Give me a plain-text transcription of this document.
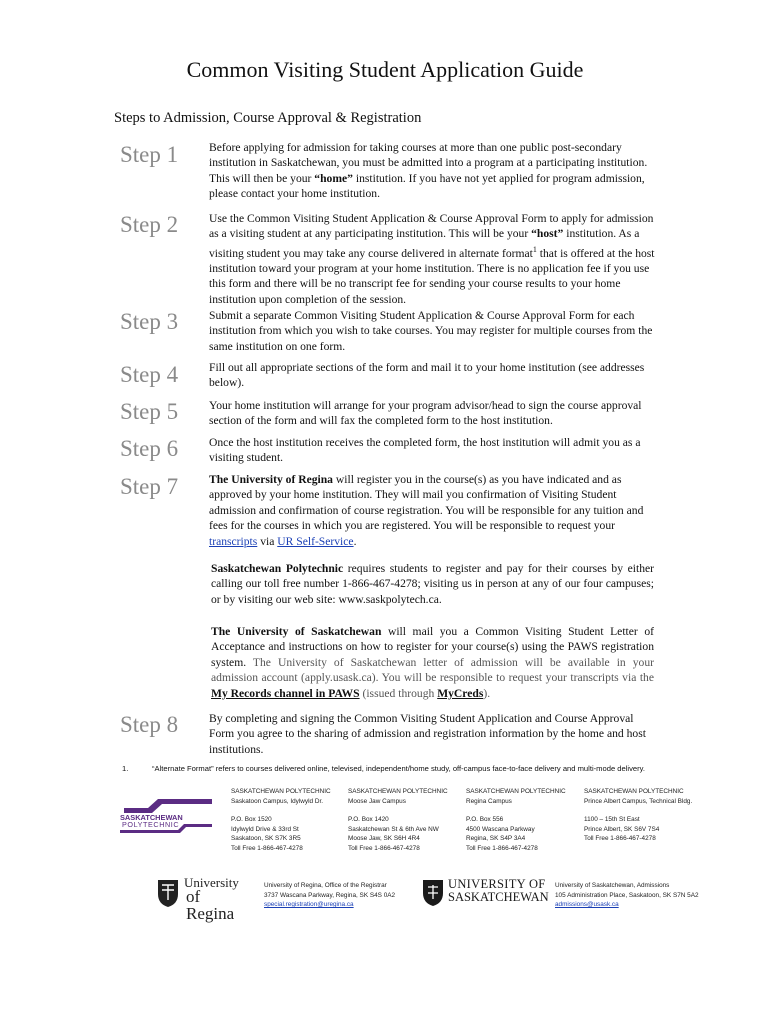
Common Visiting Student Application Guide
Steps to Admission, Course Approval & Registration
Step 1	Before applying for admission for taking courses at more than one public post-secondary institution in Saskatchewan, you must be admitted into a program at a participating institution. This will then be your “home” institution. If you have not yet applied for program admission, please contact your home institution.
Step 2	Use the Common Visiting Student Application & Course Approval Form to apply for admission as a visiting student at any participating institution. This will be your “host” institution. As a visiting student you may take any course delivered in alternate format$^1$ that is offered at the host institution toward your program at your home institution. There is no application fee if you use this form and there will be no transcript fee for sending your course results to your home institution upon completion of the session.
Step 3	Submit a separate Common Visiting Student Application & Course Approval Form for each institution from which you wish to take courses. You may register for multiple courses from the same institution on one form.
Step 4	Fill out all appropriate sections of the form and mail it to your home institution (see addresses below).
Step 5	Your home institution will arrange for your program advisor/head to sign the course approval section of the form and will fax the completed form to the host institution.
Step 6	Once the host institution receives the completed form, the host institution will admit you as a visiting student.
Step 7	The University of Regina will register you in the course(s) as you have indicated and as approved by your home institution. They will mail you confirmation of Visiting Student admission and confirmation of course registration. You will be responsible for any tuition and fees for the courses in which you are registered. You will be responsible to request your transcripts via UR Self-Service.
Saskatchewan Polytechnic requires students to register and pay for their courses by either calling our toll free number 1-866-467-4278; visiting us in person at any of our four campuses; or by visiting our web site: www.saskpolytech.ca.
The University of Saskatchewan will mail you a Common Visiting Student Letter of Acceptance and instructions on how to register for your course(s) using the PAWS registration system. The University of Saskatchewan letter of admission will be available in your admission account (apply.usask.ca). You will be responsible to request your transcripts via the My Records channel in PAWS (issued through MyCreds).
Step 8	By completing and signing the Common Visiting Student Application and Course Approval Form you agree to the sharing of admission and registration information by the home and host institutions.
1.	“Alternate Format” refers to courses delivered online, televised, independent/home study, off-campus face-to-face delivery and multi-mode delivery.
SASKATCHEWAN
POLYTECHNIC
SASKATCHEWAN POLYTECHNIC
Saskatoon Campus, Idylwyld Dr.
P.O. Box 1520
Idylwyld Drive & 33rd St
Saskatoon, SK S7K 3R5
Toll Free 1-866-467-4278
SASKATCHEWAN POLYTECHNIC
Moose Jaw Campus
P.O. Box 1420
Saskatchewan St & 6th Ave NW
Moose Jaw, SK S6H 4R4
Toll Free 1-866-467-4278
SASKATCHEWAN POLYTECHNIC
Regina Campus
P.O. Box 556
4500 Wascana Parkway
Regina, SK S4P 3A4
Toll Free 1-866-467-4278
SASKATCHEWAN POLYTECHNIC
Prince Albert Campus, Technical Bldg.
1100 – 15th St East
Prince Albert, SK S6V 7S4
Toll Free 1-866-467-4278
University
of Regina
University of Regina, Office of the Registrar
3737 Wascana Parkway, Regina, SK S4S 0A2
special.registration@uregina.ca
UNIVERSITY OF
SASKATCHEWAN
University of Saskatchewan, Admissions
105 Administration Place, Saskatoon, SK S7N 5A2
admissions@usask.ca
